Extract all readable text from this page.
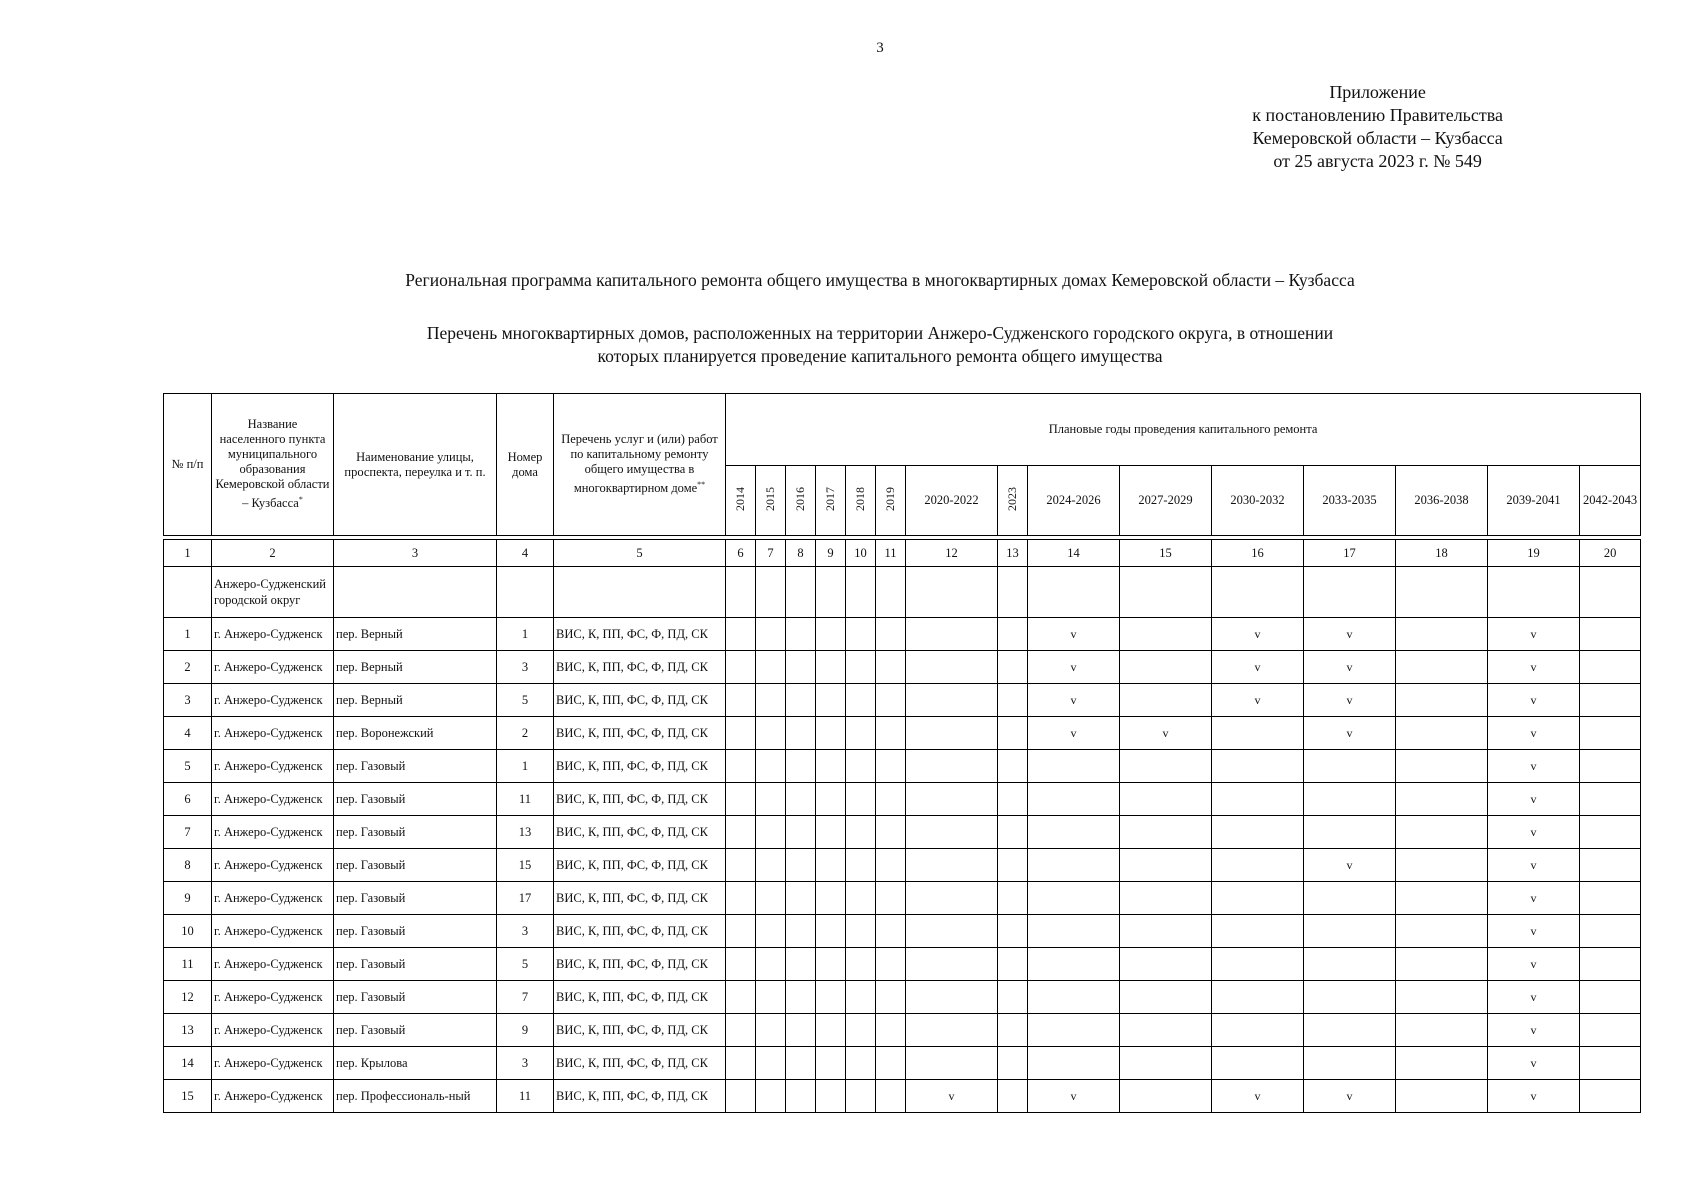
3
Приложение
к постановлению Правительства
Кемеровской области – Кузбасса
от 25 августа 2023 г. № 549
Региональная программа капитального ремонта общего имущества в многоквартирных домах Кемеровской области – Кузбасса
Перечень многоквартирных домов, расположенных на территории Анжеро-Судженского городского округа, в отношении
которых планируется проведение капитального ремонта общего имущества
№ п/п	Название населенного пункта муниципального образования Кемеровской области – Кузбасса*	Наименование улицы, проспекта, переулка и т. п.	Номер дома	Перечень услуг и (или) работ по капитальному ремонту общего имущества в многоквартирном доме**	Плановые годы проведения капитального ремонта														
					2014	2015	2016	2017	2018	2019	2020-2022	2023	2024-2026	2027-2029	2030-2032	2033-2035	2036-2038	2039-2041	2042-2043

1	2	3	4	5	6	7	8	9	10	11	12	13	14	15	16	17	18	19	20
	Анжеро-Судженский городской округ																		
1	г. Анжеро-Судженск	пер. Верный	1	ВИС, К, ПП, ФС, Ф, ПД, СК									v		v	v		v	
2	г. Анжеро-Судженск	пер. Верный	3	ВИС, К, ПП, ФС, Ф, ПД, СК									v		v	v		v	
3	г. Анжеро-Судженск	пер. Верный	5	ВИС, К, ПП, ФС, Ф, ПД, СК									v		v	v		v	
4	г. Анжеро-Судженск	пер. Воронежский	2	ВИС, К, ПП, ФС, Ф, ПД, СК									v	v		v		v	
5	г. Анжеро-Судженск	пер. Газовый	1	ВИС, К, ПП, ФС, Ф, ПД, СК														v	
6	г. Анжеро-Судженск	пер. Газовый	11	ВИС, К, ПП, ФС, Ф, ПД, СК														v	
7	г. Анжеро-Судженск	пер. Газовый	13	ВИС, К, ПП, ФС, Ф, ПД, СК														v	
8	г. Анжеро-Судженск	пер. Газовый	15	ВИС, К, ПП, ФС, Ф, ПД, СК												v		v	
9	г. Анжеро-Судженск	пер. Газовый	17	ВИС, К, ПП, ФС, Ф, ПД, СК														v	
10	г. Анжеро-Судженск	пер. Газовый	3	ВИС, К, ПП, ФС, Ф, ПД, СК														v	
11	г. Анжеро-Судженск	пер. Газовый	5	ВИС, К, ПП, ФС, Ф, ПД, СК														v	
12	г. Анжеро-Судженск	пер. Газовый	7	ВИС, К, ПП, ФС, Ф, ПД, СК														v	
13	г. Анжеро-Судженск	пер. Газовый	9	ВИС, К, ПП, ФС, Ф, ПД, СК														v	
14	г. Анжеро-Судженск	пер. Крылова	3	ВИС, К, ПП, ФС, Ф, ПД, СК														v	
15	г. Анжеро-Судженск	пер. Профессиональ-ный	11	ВИС, К, ПП, ФС, Ф, ПД, СК							v		v		v	v		v	
